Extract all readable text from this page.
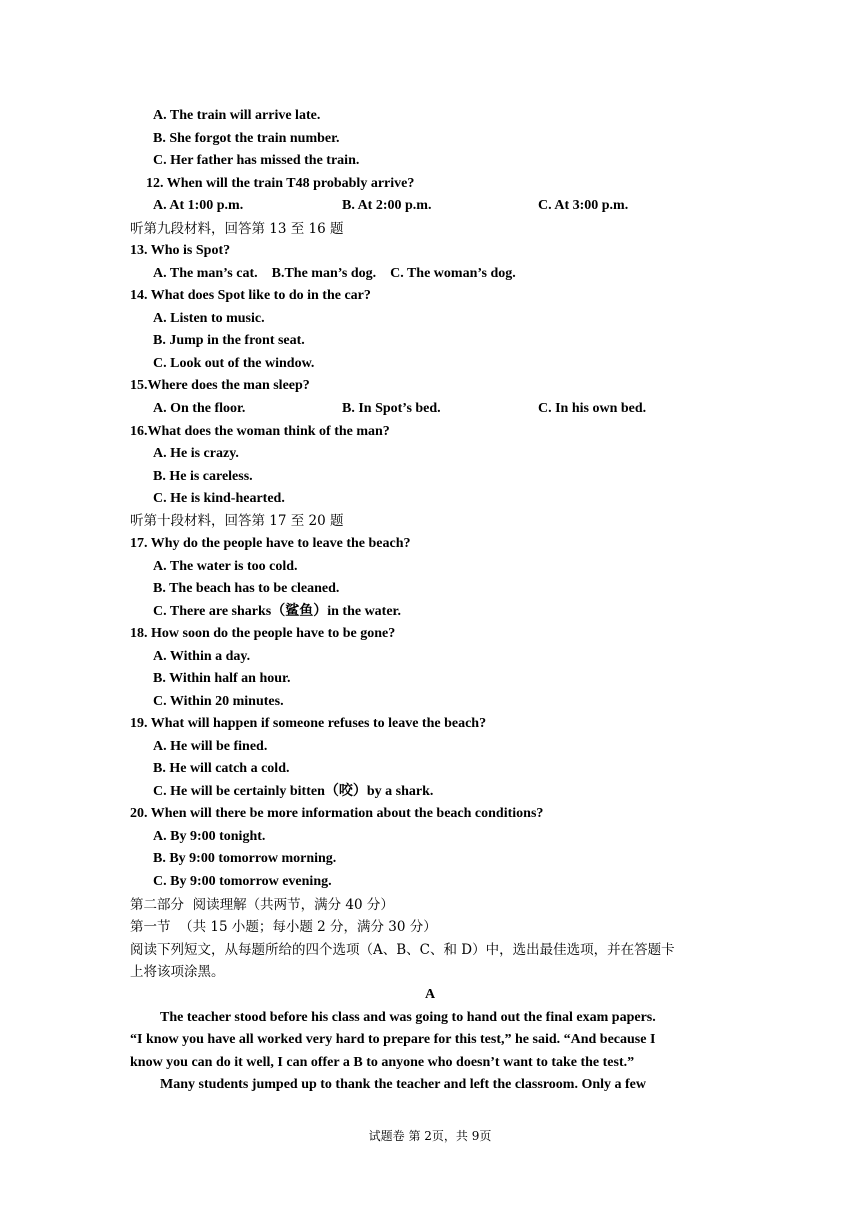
A. The train will arrive late.
B. She forgot the train number.
C. Her father has missed the train.
12. When will the train T48 probably arrive?
A. At 1:00 p.m.	B. At 2:00 p.m.	C. At 3:00 p.m.
听第九段材料，回答第 13 至 16 题
13. Who is Spot?
A. The man’s cat.    B.The man’s dog.    C. The woman’s dog.
14. What does Spot like to do in the car?
A. Listen to music.
B. Jump in the front seat.
C. Look out of the window.
15.Where does the man sleep?
A. On the floor.	B. In Spot’s bed.	C. In his own bed.
16.What does the woman think of the man?
A. He is crazy.
B. He is careless.
C. He is kind-hearted.
听第十段材料，回答第 17 至 20 题
17. Why do the people have to leave the beach?
A. The water is too cold.
B. The beach has to be cleaned.
C. There are sharks（鲨鱼）in the water.
18. How soon do the people have to be gone?
A. Within a day.
B. Within half an hour.
C. Within 20 minutes.
19. What will happen if someone refuses to leave the beach?
A. He will be fined.
B. He will catch a cold.
C. He will be certainly bitten（咬）by a shark.
20. When will there be more information about the beach conditions?
A. By 9:00 tonight.
B. By 9:00 tomorrow morning.
C. By 9:00 tomorrow evening.
第二部分  阅读理解（共两节，满分 40 分）
第一节  （共 15 小题；每小题 2 分，满分 30 分）
阅读下列短文，从每题所给的四个选项（A、B、C、和 D）中，选出最佳选项，并在答题卡
上将该项涂黑。
A
The teacher stood before his class and was going to hand out the final exam papers.
“I know you have all worked very hard to prepare for this test,” he said. “And because I
know you can do it well, I can offer a B to anyone who doesn’t want to take the test.”
Many students jumped up to thank the teacher and left the classroom. Only a few
试题卷 第 2页，共 9页
